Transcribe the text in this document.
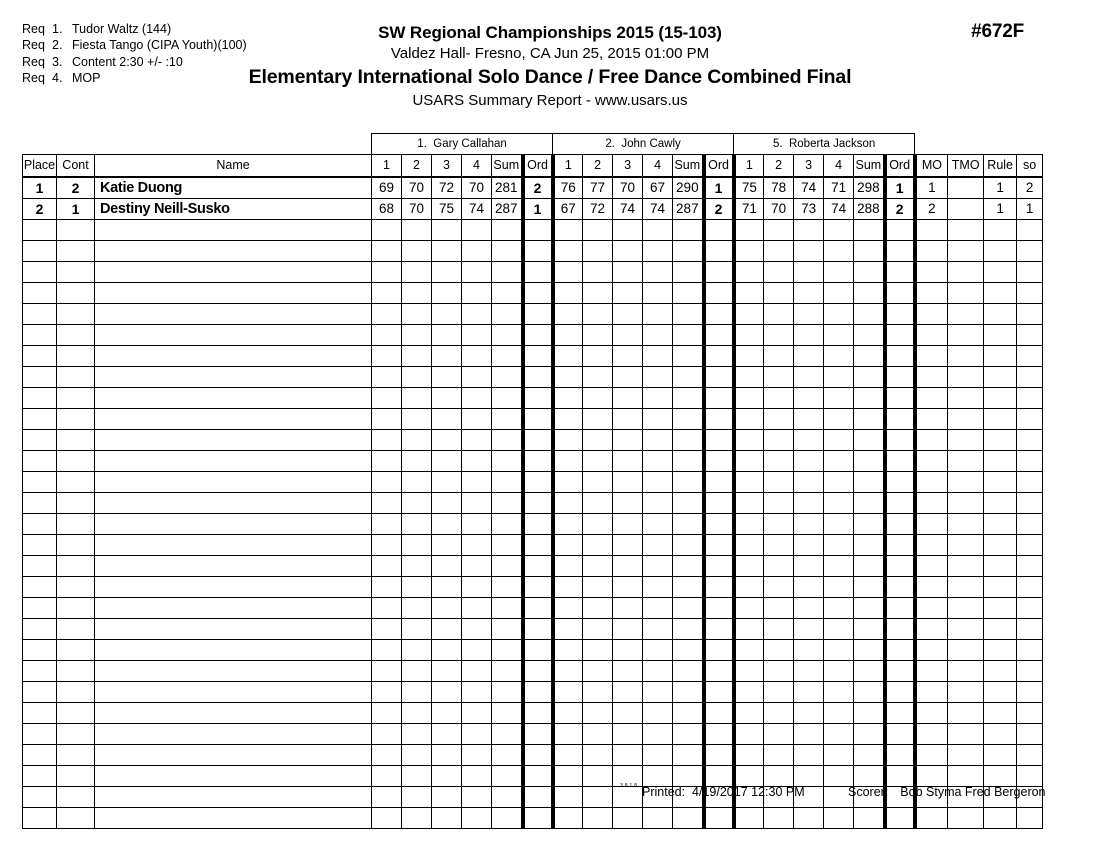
Req 1. Tudor Waltz (144)
Req 2. Fiesta Tango (CIPA Youth)(100)
Req 3. Content 2:30 +/- :10
Req 4. MOP
SW Regional Championships 2015 (15-103)
Valdez Hall- Fresno, CA Jun 25, 2015 01:00 PM
Elementary International Solo Dance / Free Dance Combined Final
USARS Summary Report - www.usars.us
#672F
			1. Gary Callahan						2. John Cawly						5. Roberta Jackson									
Place	Cont	Name	1	2	3	4	Sum	Ord	1	2	3	4	Sum	Ord	1	2	3	4	Sum	Ord	MO	TMO	Rule	so
1	2	Katie Duong	69	70	72	70	281	2	76	77	70	67	290	1	75	78	74	71	298	1	1		1	2
2	1	Destiny Neill-Susko	68	70	75	74	287	1	67	72	74	74	287	2	71	70	73	74	288	2	2		1	1

3.8.1.8 Printed: 4/19/2017 12:30 PM	Scorer: Bob Styma Fred Bergeron
